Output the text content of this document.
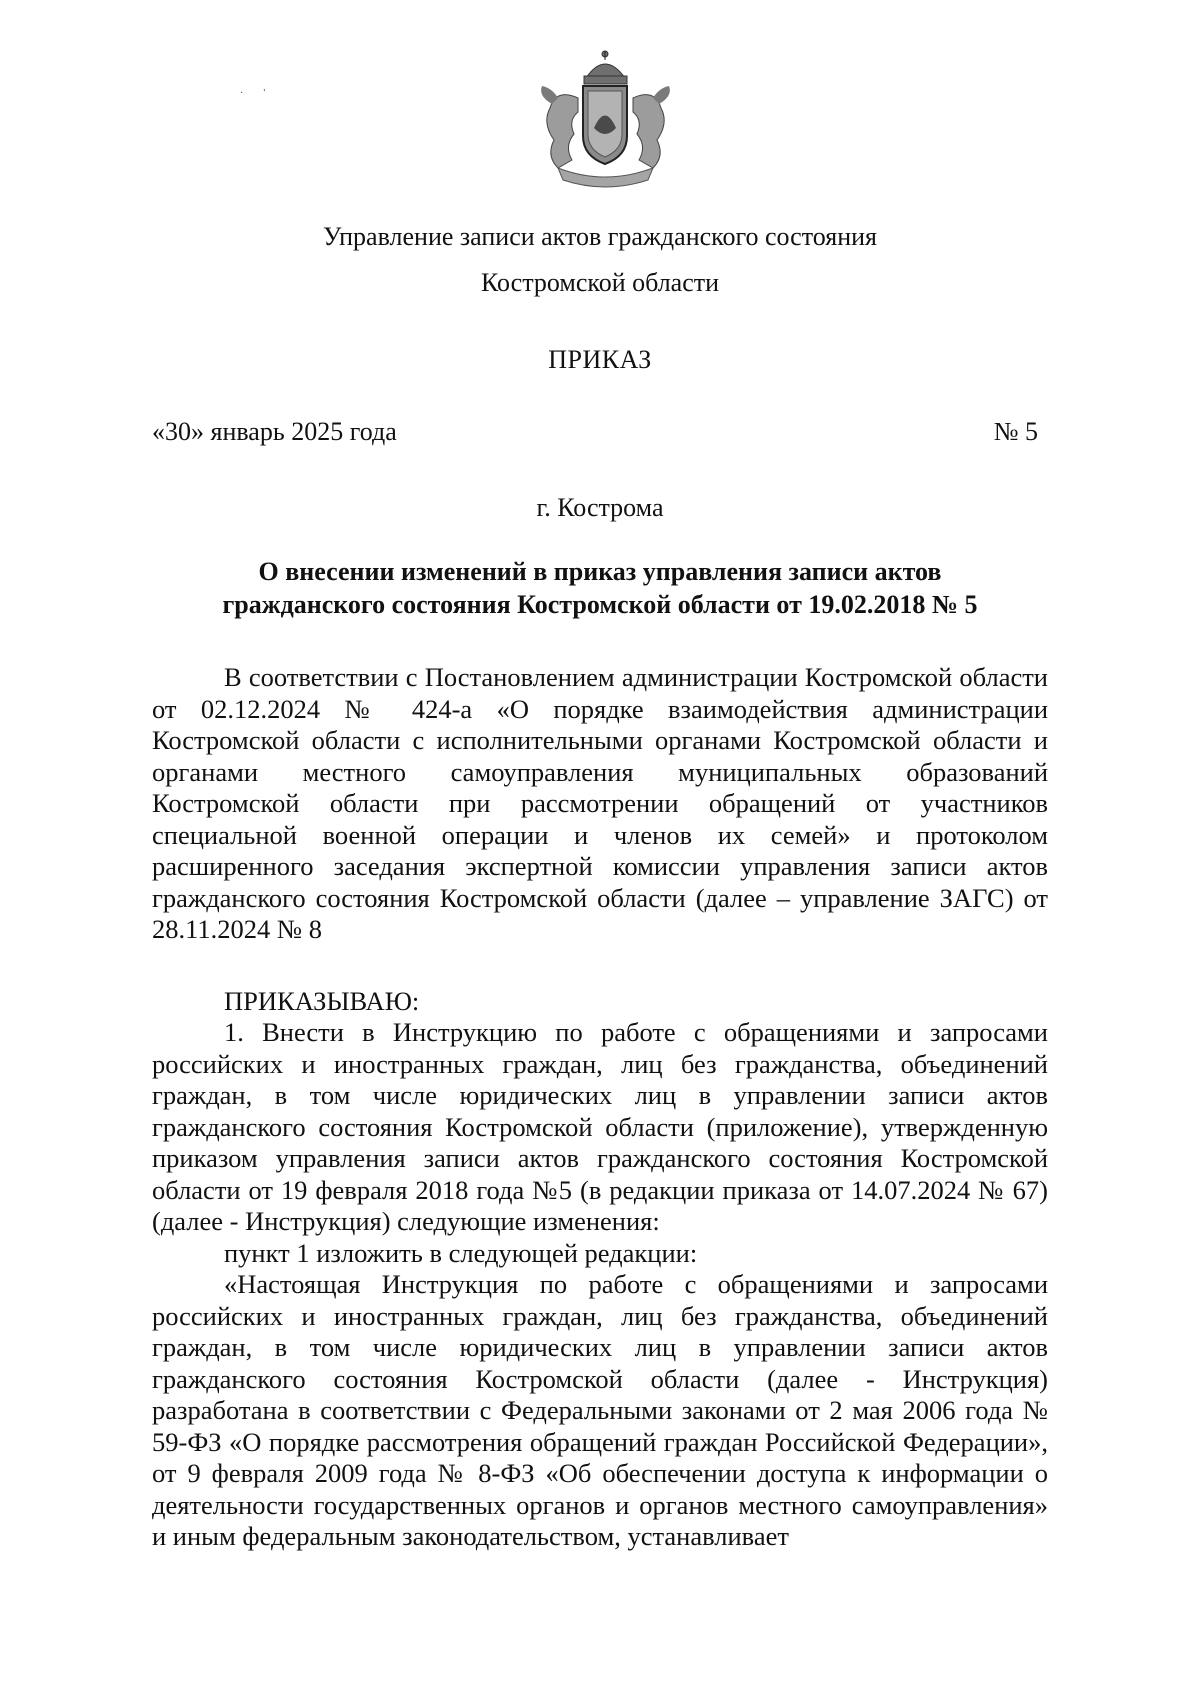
·        '
Управление записи актов гражданского состояния
Костромской области
ПРИКАЗ
«30» январь 2025 года	№ 5
г. Кострома
О внесении изменений в приказ управления записи актов
гражданского состояния Костромской области от 19.02.2018 № 5

В соответствии с Постановлением администрации Костромской области от 02.12.2024 № 424-а «О порядке взаимодействия администрации Костромской области с исполнительными органами Костромской области и органами местного самоуправления муниципальных образований Костромской области при рассмотрении обращений от участников специальной военной операции и членов их семей» и протоколом расширенного заседания экспертной комиссии управления записи актов гражданского состояния Костромской области (далее – управление ЗАГС) от 28.11.2024 № 8

ПРИКАЗЫВАЮ:

1. Внести в Инструкцию по работе с обращениями и запросами российских и иностранных граждан, лиц без гражданства, объединений граждан, в том числе юридических лиц в управлении записи актов гражданского состояния Костромской области (приложение), утвержденную приказом управления записи актов гражданского состояния Костромской области от 19 февраля 2018 года №5 (в редакции приказа от 14.07.2024 № 67) (далее - Инструкция) следующие изменения:

пункт 1 изложить в следующей редакции:

«Настоящая Инструкция по работе с обращениями и запросами российских и иностранных граждан, лиц без гражданства, объединений граждан, в том числе юридических лиц в управлении записи актов гражданского состояния Костромской области (далее - Инструкция) разработана в соответствии с Федеральными законами от 2 мая 2006 года № 59-ФЗ «О порядке рассмотрения обращений граждан Российской Федерации», от 9 февраля 2009 года № 8-ФЗ «Об обеспечении доступа к информации о деятельности государственных органов и органов местного самоуправления» и иным федеральным законодательством, устанавливает
